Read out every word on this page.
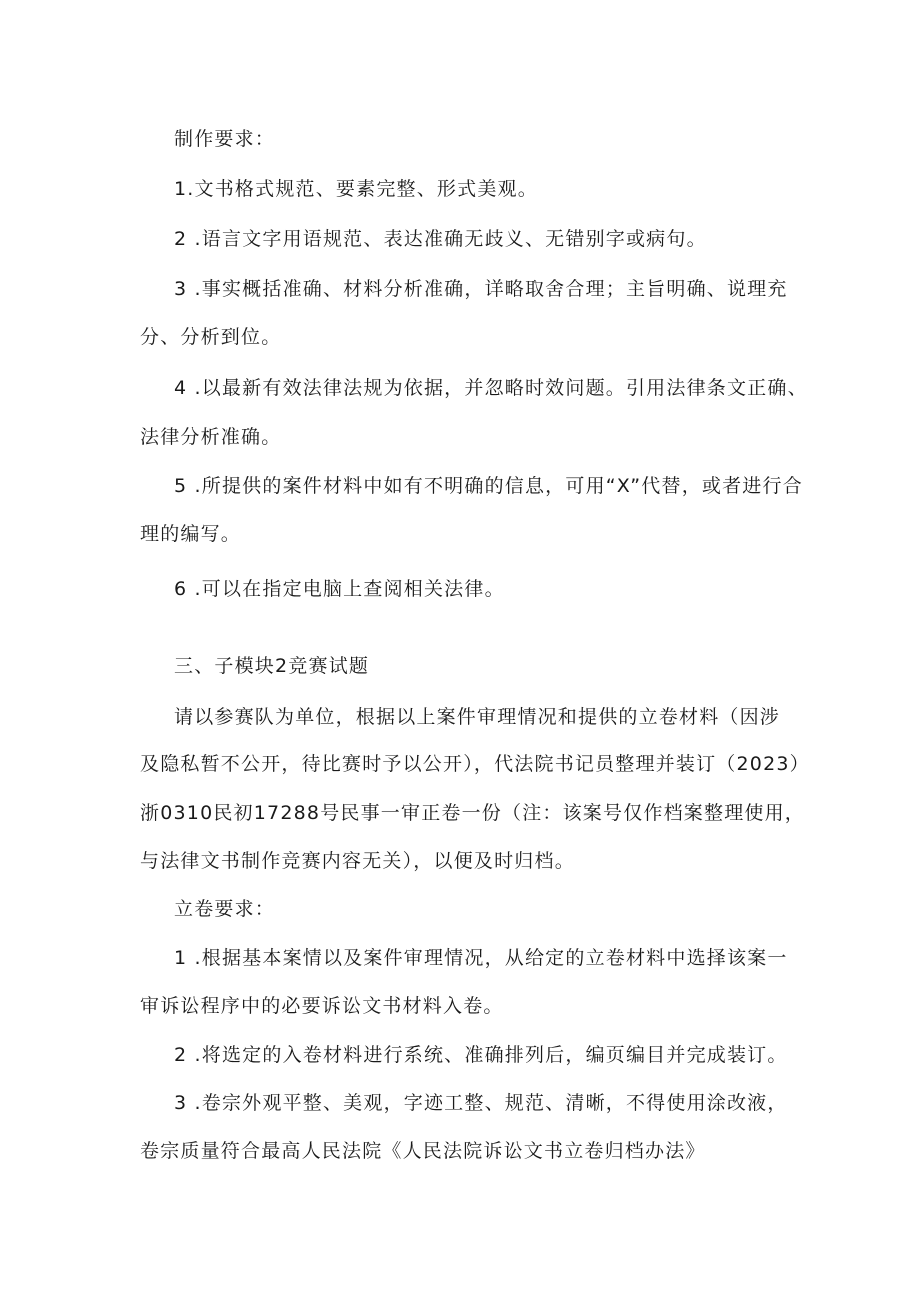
制作要求：
1.文书格式规范、要素完整、形式美观。
2 .语言文字用语规范、表达准确无歧义、无错别字或病句。
3 .事实概括准确、材料分析准确，详略取舍合理；主旨明确、说理充
分、分析到位。
4 .以最新有效法律法规为依据，并忽略时效问题。引用法律条文正确、
法律分析准确。
5 .所提供的案件材料中如有不明确的信息，可用“X”代替，或者进行合
理的编写。
6 .可以在指定电脑上查阅相关法律。
三、子模块2竞赛试题
请以参赛队为单位，根据以上案件审理情况和提供的立卷材料（因涉
及隐私暂不公开，待比赛时予以公开），代法院书记员整理并装订（2023）
浙0310民初17288号民事一审正卷一份（注：该案号仅作档案整理使用，
与法律文书制作竞赛内容无关），以便及时归档。
立卷要求：
1 .根据基本案情以及案件审理情况，从给定的立卷材料中选择该案一
审诉讼程序中的必要诉讼文书材料入卷。
2 .将选定的入卷材料进行系统、准确排列后，编页编目并完成装订。
3 .卷宗外观平整、美观，字迹工整、规范、清晰，不得使用涂改液，
卷宗质量符合最高人民法院《人民法院诉讼文书立卷归档办法》
